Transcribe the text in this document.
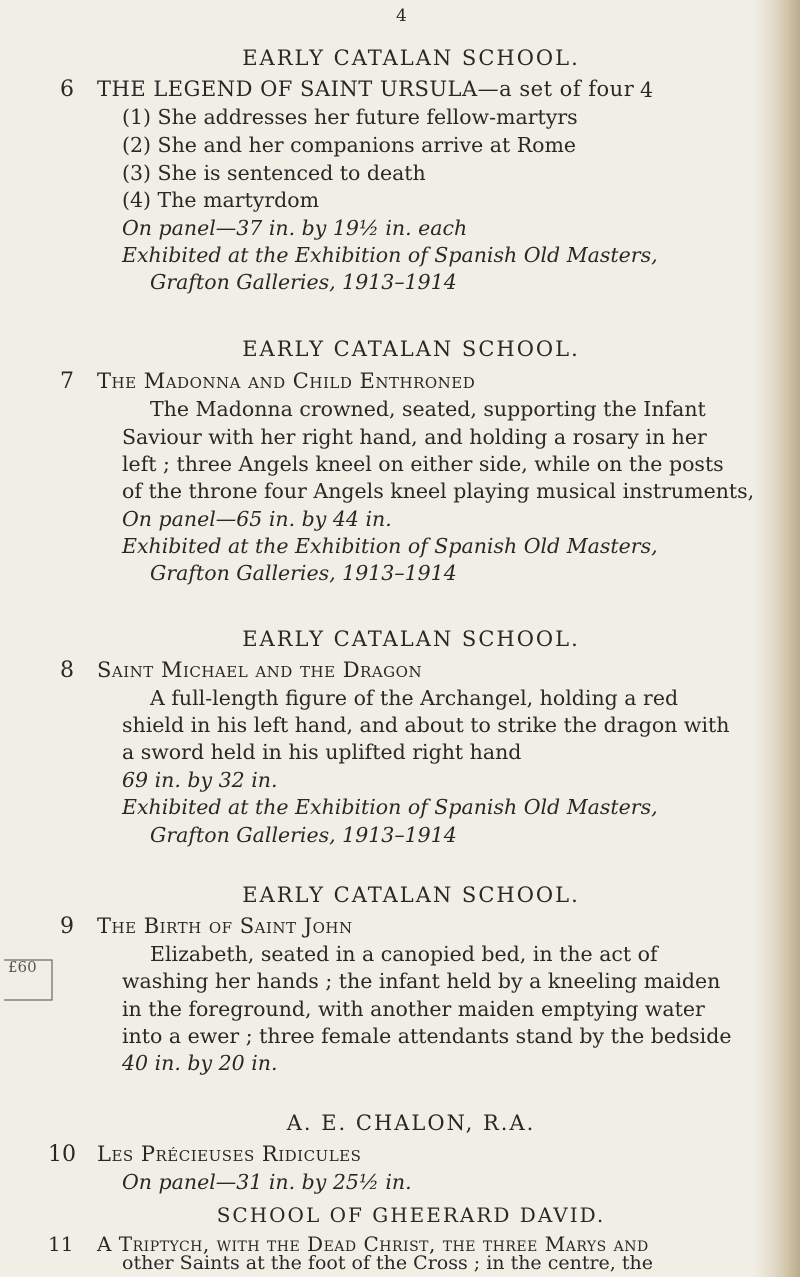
4
EARLY CATALAN SCHOOL.
6 THE LEGEND OF SAINT URSULA—a set of four 4
(1) She addresses her future fellow-martyrs
(2) She and her companions arrive at Rome
(3) She is sentenced to death
(4) The martyrdom
On panel—37 in. by 19½ in. each
Exhibited at the Exhibition of Spanish Old Masters,
Grafton Galleries, 1913–1914
EARLY CATALAN SCHOOL.
7 The Madonna and Child Enthroned
The Madonna crowned, seated, supporting the Infant
Saviour with her right hand, and holding a rosary in her
left ; three Angels kneel on either side, while on the posts
of the throne four Angels kneel playing musical instruments,
On panel—65 in. by 44 in.
Exhibited at the Exhibition of Spanish Old Masters,
Grafton Galleries, 1913–1914
EARLY CATALAN SCHOOL.
8 Saint Michael and the Dragon
A full-length figure of the Archangel, holding a red
shield in his left hand, and about to strike the dragon with
a sword held in his uplifted right hand
69 in. by 32 in.
Exhibited at the Exhibition of Spanish Old Masters,
Grafton Galleries, 1913–1914
EARLY CATALAN SCHOOL.
9 The Birth of Saint John
Elizabeth, seated in a canopied bed, in the act of
washing her hands ; the infant held by a kneeling maiden
in the foreground, with another maiden emptying water
into a ewer ; three female attendants stand by the bedside
40 in. by 20 in.
A. E. CHALON, R.A.
10 Les Précieuses Ridicules
On panel—31 in. by 25½ in.
SCHOOL OF GHEERARD DAVID.
11 A Triptych, with the Dead Christ, the three Marys and
other Saints at the foot of the Cross ; in the centre, the
£60
